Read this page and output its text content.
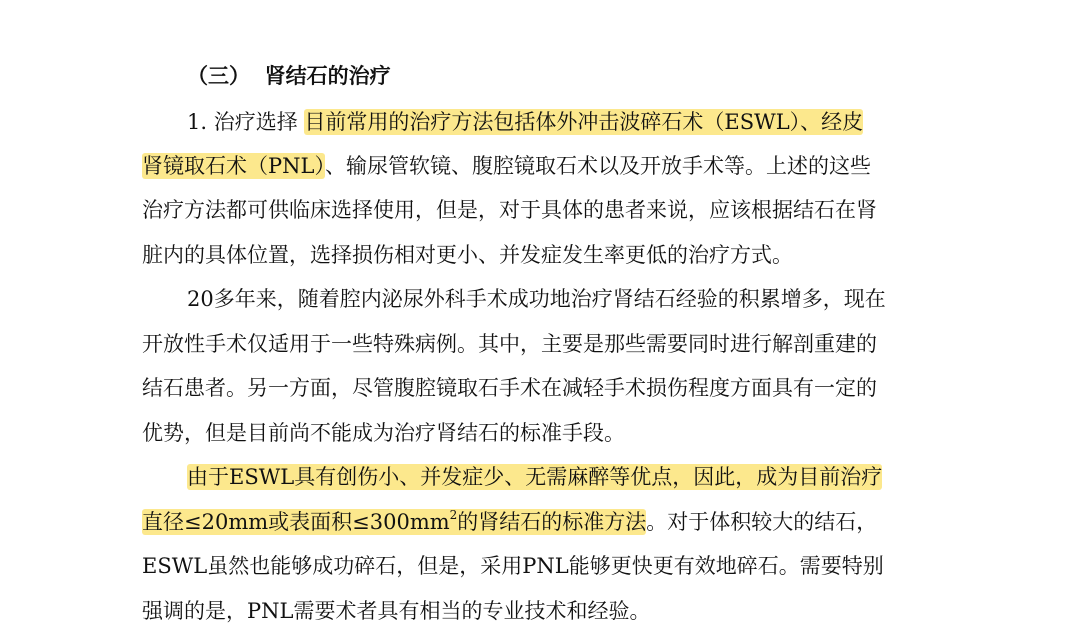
（三）  肾结石的治疗
1. 治疗选择 目前常用的治疗方法包括体外冲击波碎石术（ESWL）、经皮
肾镜取石术（PNL）、输尿管软镜、腹腔镜取石术以及开放手术等。上述的这些
治疗方法都可供临床选择使用，但是，对于具体的患者来说，应该根据结石在肾
脏内的具体位置，选择损伤相对更小、并发症发生率更低的治疗方式。
20多年来，随着腔内泌尿外科手术成功地治疗肾结石经验的积累增多，现在
开放性手术仅适用于一些特殊病例。其中，主要是那些需要同时进行解剖重建的
结石患者。另一方面，尽管腹腔镜取石手术在减轻手术损伤程度方面具有一定的
优势，但是目前尚不能成为治疗肾结石的标准手段。
由于ESWL具有创伤小、并发症少、无需麻醉等优点，因此，成为目前治疗
直径≤20mm或表面积$\le 300mm^2$的肾结石的标准方法。对于体积较大的结石，
ESWL虽然也能够成功碎石，但是，采用PNL能够更快更有效地碎石。需要特别
强调的是，PNL需要术者具有相当的专业技术和经验。
